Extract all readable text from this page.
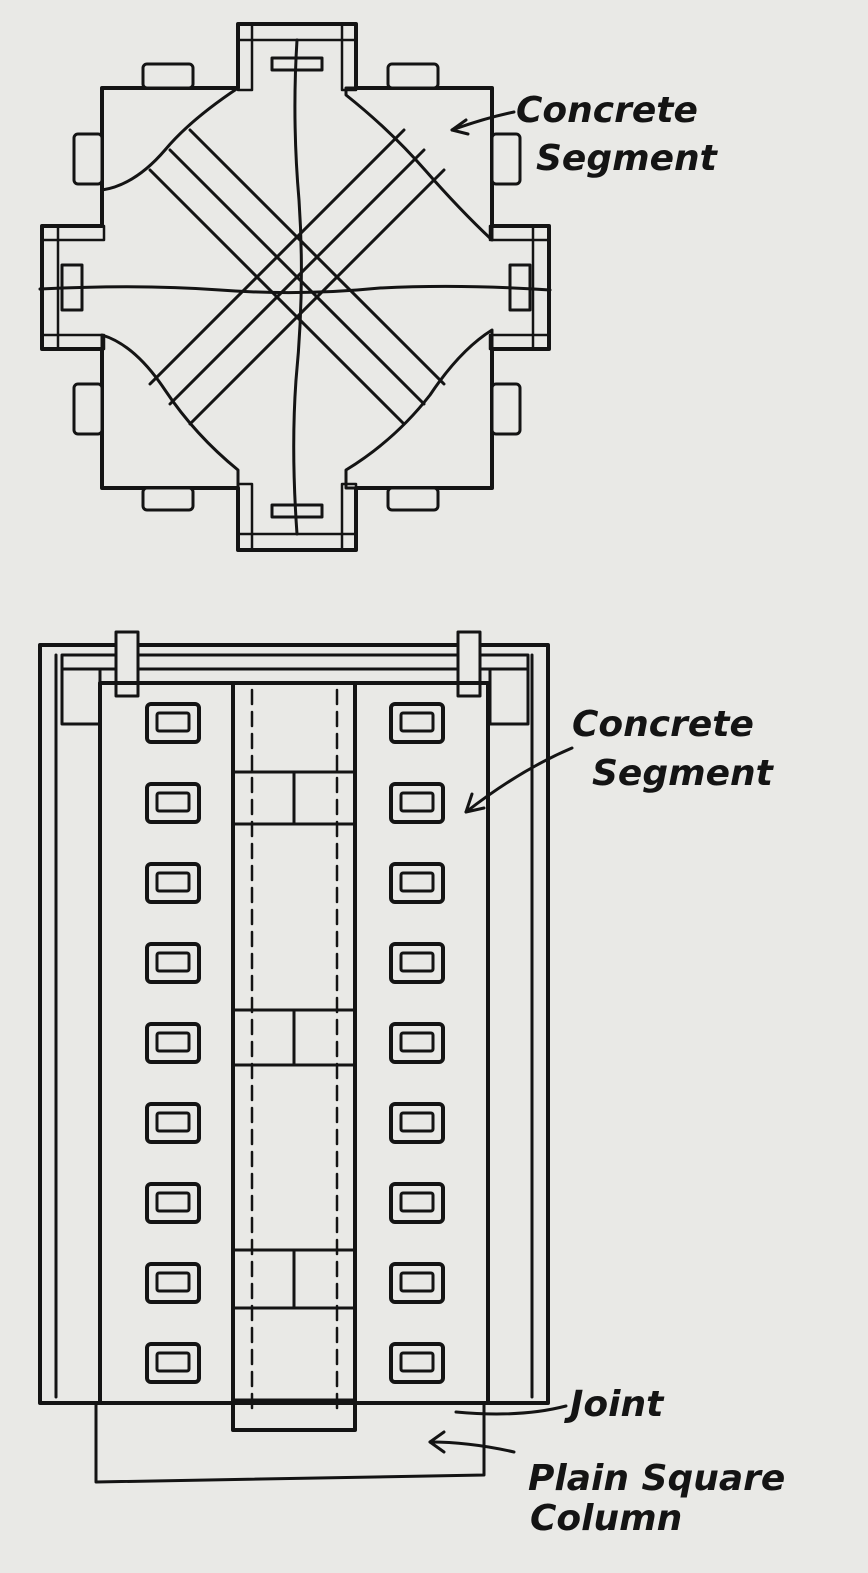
Concrete
Segment
Concrete
Segment
Joint
Plain Square
Column
